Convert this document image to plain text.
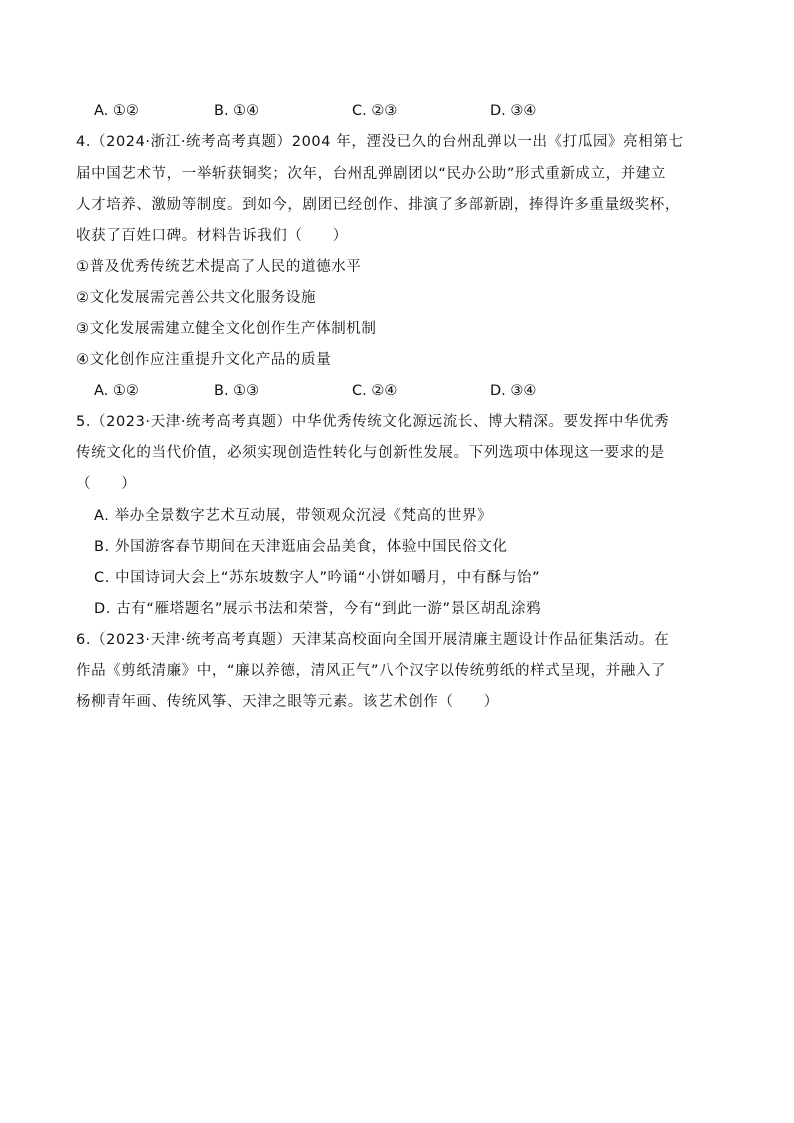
A. ①②	B. ①④	C. ②③	D. ③④
4.（2024·浙江·统考高考真题）2004 年，湮没已久的台州乱弹以一出《打瓜园》亮相第七
届中国艺术节，一举斩获铜奖；次年，台州乱弹剧团以“民办公助”形式重新成立，并建立
人才培养、激励等制度。到如今，剧团已经创作、排演了多部新剧，捧得许多重量级奖杯，
收获了百姓口碑。材料告诉我们（　　）
①普及优秀传统艺术提高了人民的道德水平
②文化发展需完善公共文化服务设施
③文化发展需建立健全文化创作生产体制机制
④文化创作应注重提升文化产品的质量
A. ①②	B. ①③	C. ②④	D. ③④
5.（2023·天津·统考高考真题）中华优秀传统文化源远流长、博大精深。要发挥中华优秀
传统文化的当代价值，必须实现创造性转化与创新性发展。下列选项中体现这一要求的是
（　　）
A. 举办全景数字艺术互动展，带领观众沉浸《梵高的世界》
B. 外国游客春节期间在天津逛庙会品美食，体验中国民俗文化
C. 中国诗词大会上“苏东坡数字人”吟诵“小饼如嚼月，中有酥与饴”
D. 古有“雁塔题名”展示书法和荣誉，今有“到此一游”景区胡乱涂鸦
6.（2023·天津·统考高考真题）天津某高校面向全国开展清廉主题设计作品征集活动。在
作品《剪纸清廉》中，“廉以养德，清风正气”八个汉字以传统剪纸的样式呈现，并融入了
杨柳青年画、传统风筝、天津之眼等元素。该艺术创作（　　）
